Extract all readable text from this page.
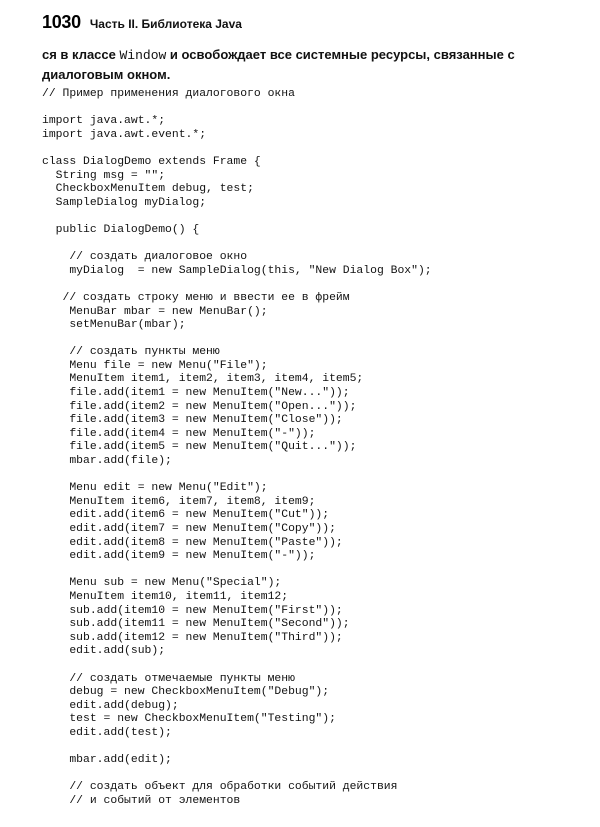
1030 Часть II. Библиотека Java

ся в классе Window и освобождает все системные ресурсы, связанные с диалоговым окном.

// Пример применения диалогового окна

import java.awt.*;
import java.awt.event.*;

class DialogDemo extends Frame {
String msg = "";
CheckboxMenuItem debug, test;
SampleDialog myDialog;

public DialogDemo() {

// создать диалоговое окно
myDialog  = new SampleDialog(this, "New Dialog Box");

// создать строку меню и ввести ее в фрейм
MenuBar mbar = new MenuBar();
setMenuBar(mbar);

// создать пункты меню
Menu file = new Menu("File");
MenuItem item1, item2, item3, item4, item5;
file.add(item1 = new MenuItem("New..."));
file.add(item2 = new MenuItem("Open..."));
file.add(item3 = new MenuItem("Close"));
file.add(item4 = new MenuItem("-"));
file.add(item5 = new MenuItem("Quit..."));
mbar.add(file);

Menu edit = new Menu("Edit");
MenuItem item6, item7, item8, item9;
edit.add(item6 = new MenuItem("Cut"));
edit.add(item7 = new MenuItem("Copy"));
edit.add(item8 = new MenuItem("Paste"));
edit.add(item9 = new MenuItem("-"));

Menu sub = new Menu("Special");
MenuItem item10, item11, item12;
sub.add(item10 = new MenuItem("First"));
sub.add(item11 = new MenuItem("Second"));
sub.add(item12 = new MenuItem("Third"));
edit.add(sub);

// создать отмечаемые пункты меню
debug = new CheckboxMenuItem("Debug");
edit.add(debug);
test = new CheckboxMenuItem("Testing");
edit.add(test);

mbar.add(edit);

// создать объект для обработки событий действия
// и событий от элементов
